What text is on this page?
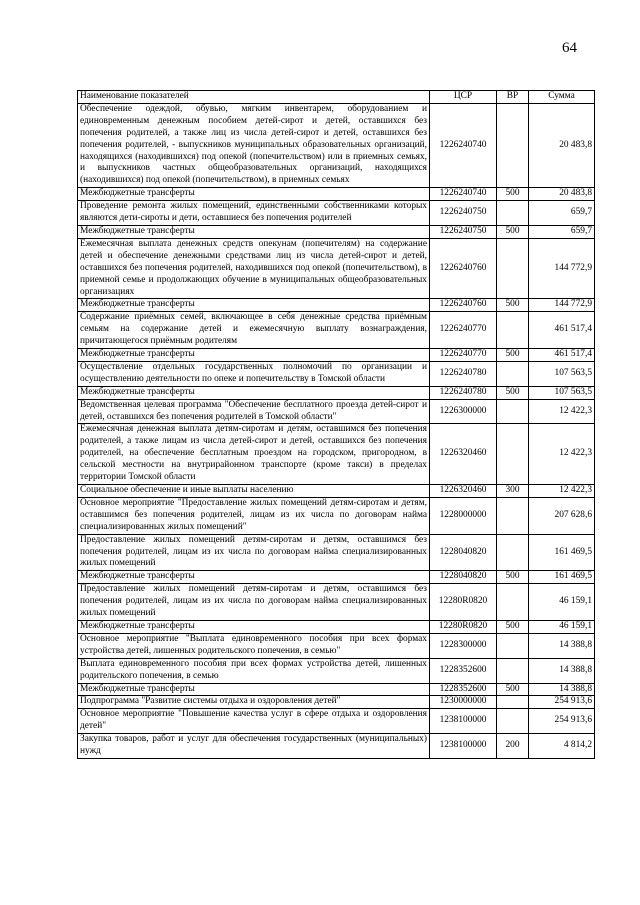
64
Наименование показателей	ЦСР	ВР	Сумма
Обеспечение одеждой, обувью, мягким инвентарем, оборудованием и единовременным денежным пособием детей-сирот и детей, оставшихся без попечения родителей, а также лиц из числа детей-сирот и детей, оставшихся без попечения родителей, - выпускников муниципальных образовательных организаций, находящихся (находившихся) под опекой (попечительством) или в приемных семьях, и выпускников частных общеобразовательных организаций, находящихся (находившихся) под опекой (попечительством), в приемных семьях	1226240740		20 483,8
Межбюджетные трансферты	1226240740	500	20 483,8
Проведение ремонта жилых помещений, единственными собственниками которых являются дети-сироты и дети, оставшиеся без попечения родителей	1226240750		659,7
Межбюджетные трансферты	1226240750	500	659,7
Ежемесячная выплата денежных средств опекунам (попечителям) на содержание детей и обеспечение денежными средствами лиц из числа детей-сирот и детей, оставшихся без попечения родителей, находившихся под опекой (попечительством), в приемной семье и продолжающих обучение в муниципальных общеобразовательных организациях	1226240760		144 772,9
Межбюджетные трансферты	1226240760	500	144 772,9
Содержание приёмных семей, включающее в себя денежные средства приёмным семьям на содержание детей и ежемесячную выплату вознаграждения, причитающегося приёмным родителям	1226240770		461 517,4
Межбюджетные трансферты	1226240770	500	461 517,4
Осуществление отдельных государственных полномочий по организации и осуществлению деятельности по опеке и попечительству в Томской области	1226240780		107 563,5
Межбюджетные трансферты	1226240780	500	107 563,5
Ведомственная целевая программа "Обеспечение бесплатного проезда детей-сирот и детей, оставшихся без попечения родителей в Томской области"	1226300000		12 422,3
Ежемесячная денежная выплата детям-сиротам и детям, оставшимся без попечения родителей, а также лицам из числа детей-сирот и детей, оставшихся без попечения родителей, на обеспечение бесплатным проездом на городском, пригородном, в сельской местности на внутрирайонном транспорте (кроме такси) в пределах территории Томской области	1226320460		12 422,3
Социальное обеспечение и иные выплаты населению	1226320460	300	12 422,3
Основное мероприятие "Предоставление жилых помещений детям-сиротам и детям, оставшимся без попечения родителей, лицам из их числа по договорам найма специализированных жилых помещений"	1228000000		207 628,6
Предоставление жилых помещений детям-сиротам и детям, оставшимся без попечения родителей, лицам из их числа по договорам найма специализированных жилых помещений	1228040820		161 469,5
Межбюджетные трансферты	1228040820	500	161 469,5
Предоставление жилых помещений детям-сиротам и детям, оставшимся без попечения родителей, лицам из их числа по договорам найма специализированных жилых помещений	12280R0820		46 159,1
Межбюджетные трансферты	12280R0820	500	46 159,1
Основное мероприятие "Выплата единовременного пособия при всех формах устройства детей, лишенных родительского попечения, в семью"	1228300000		14 388,8
Выплата единовременного пособия при всех формах устройства детей, лишенных родительского попечения, в семью	1228352600		14 388,8
Межбюджетные трансферты	1228352600	500	14 388,8
Подпрограмма "Развитие системы отдыха и оздоровления детей"	1230000000		254 913,6
Основное мероприятие "Повышение качества услуг в сфере отдыха и оздоровления детей"	1238100000		254 913,6
Закупка товаров, работ и услуг для обеспечения государственных (муниципальных) нужд	1238100000	200	4 814,2
